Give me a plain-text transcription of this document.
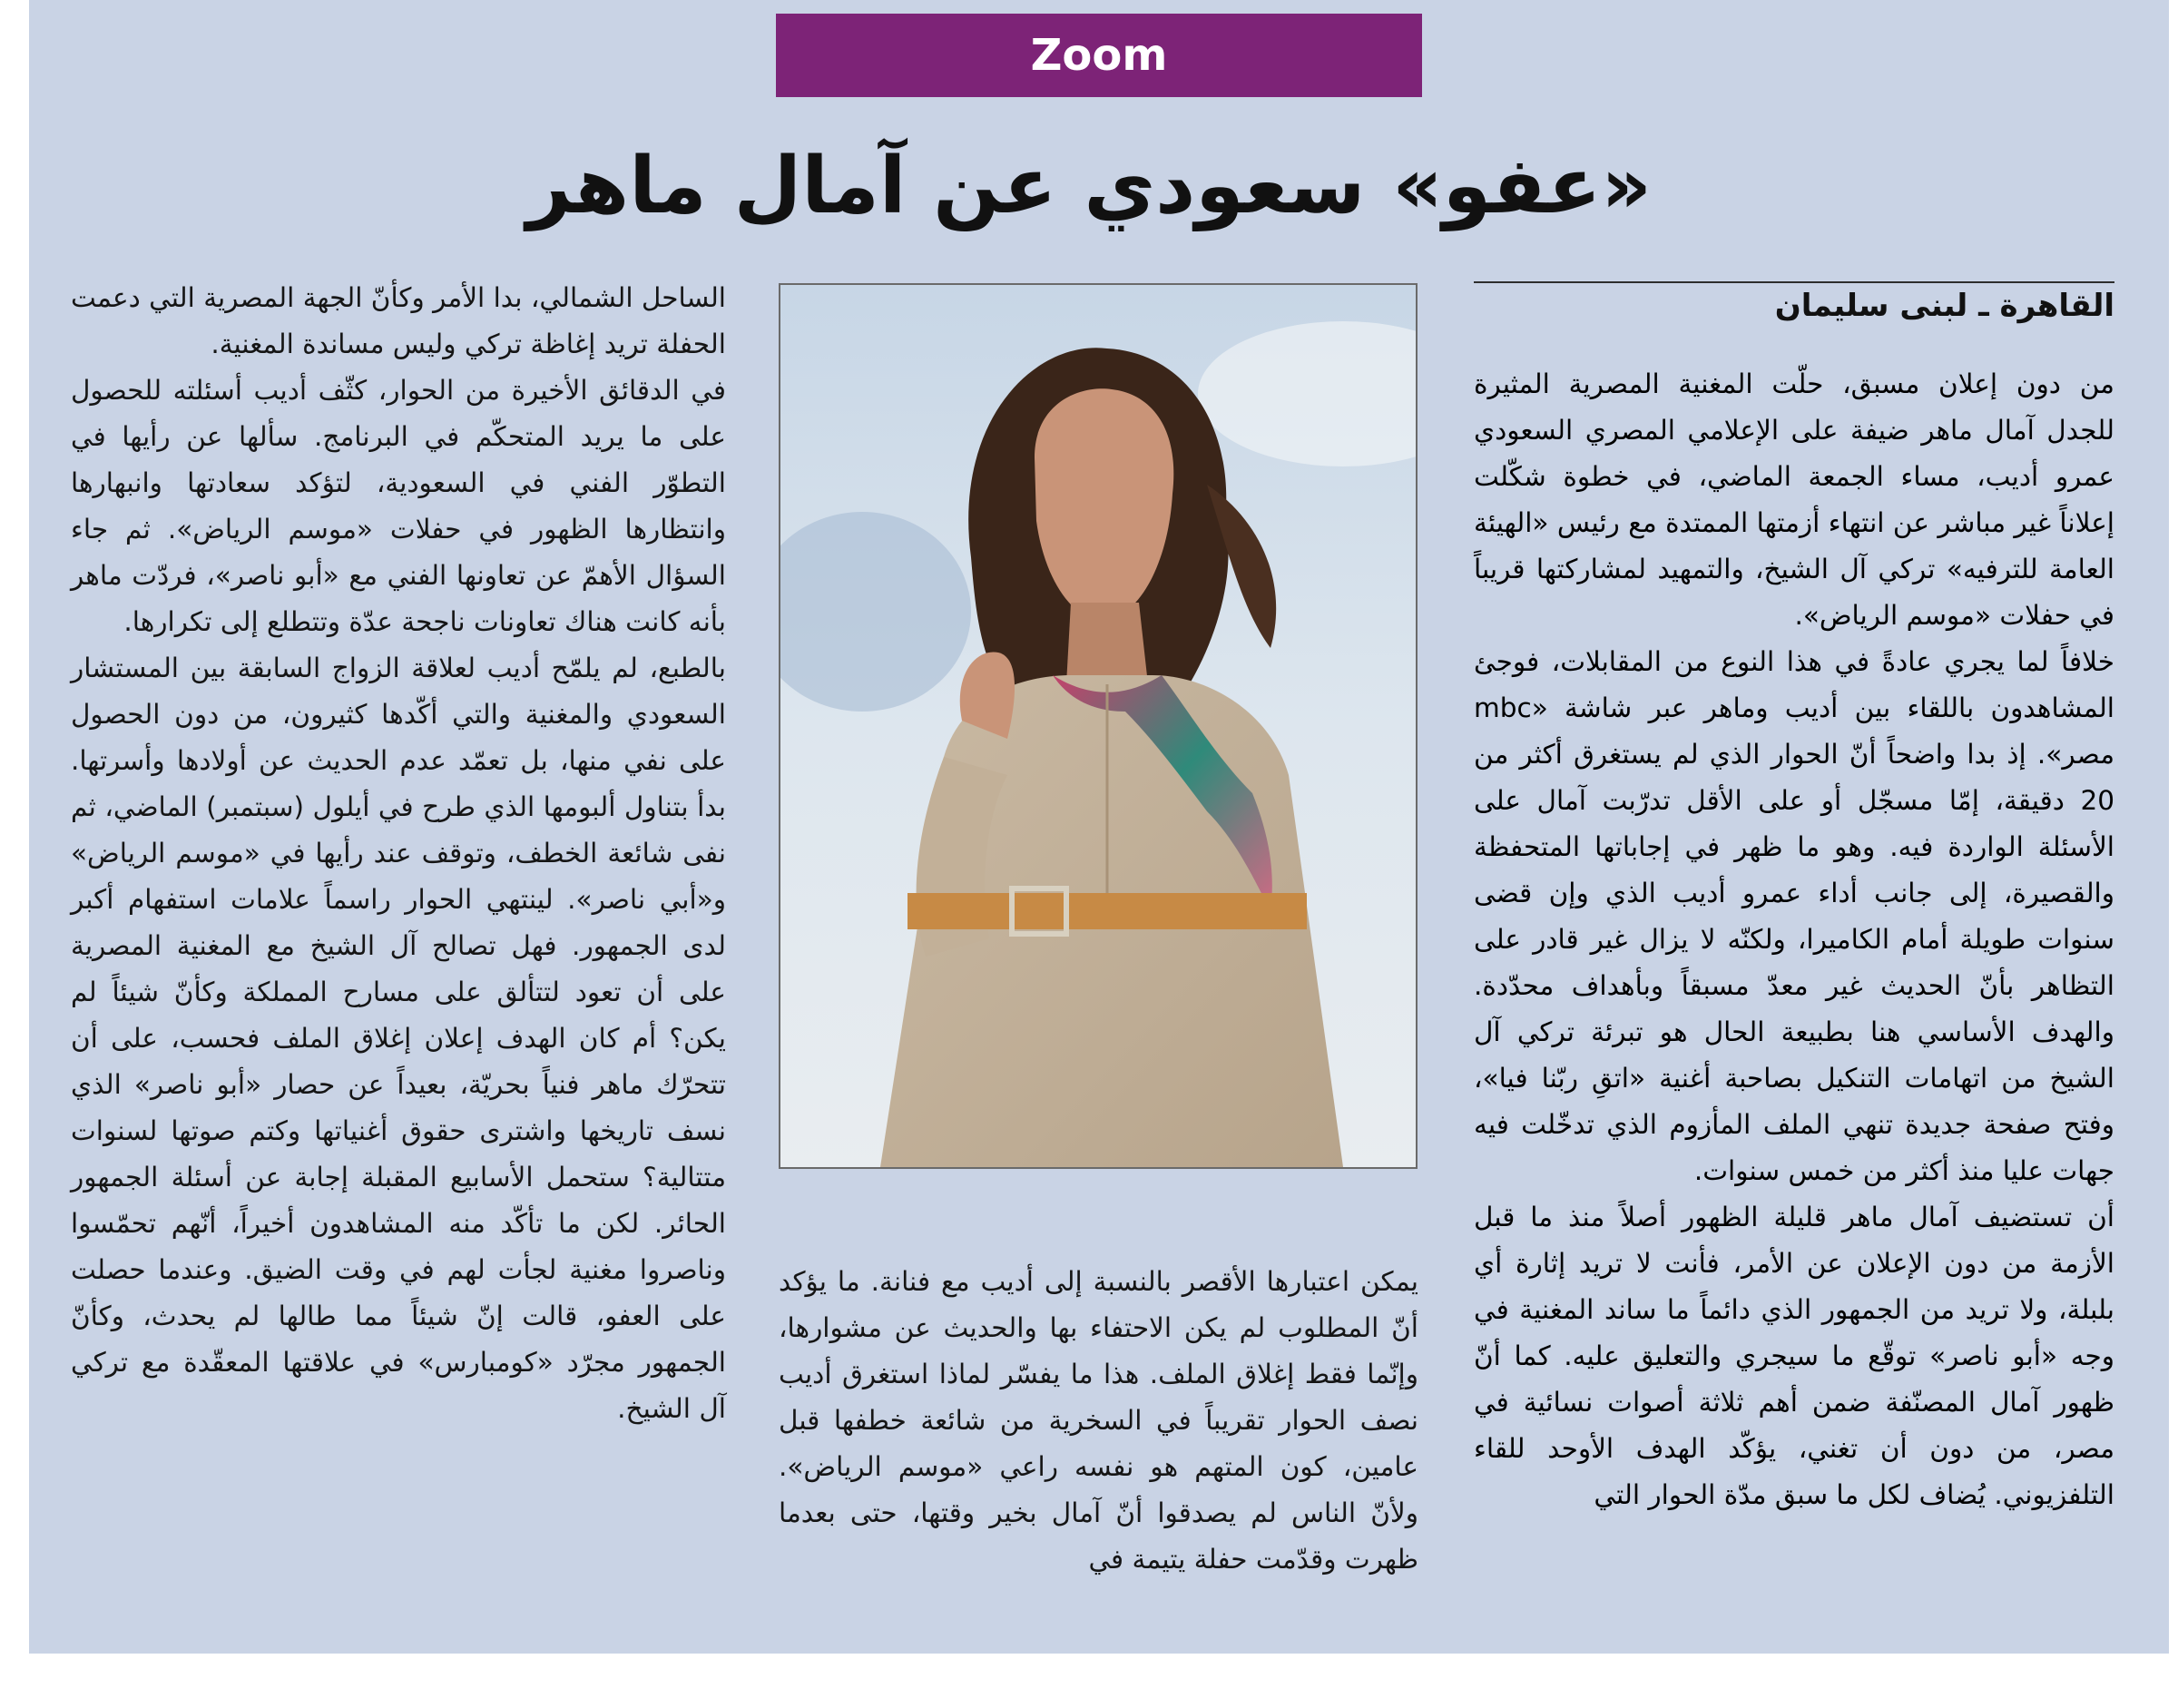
Zoom
«عفو» سعودي عن آمال ماهر
القاهرة ـ لبنى سليمان

من دون إعلان مسبق، حلّت المغنية المصرية المثيرة للجدل آمال ماهر ضيفة على الإعلامي المصري السعودي عمرو أديب، مساء الجمعة الماضي، في خطوة شكّلت إعلاناً غير مباشر عن انتهاء أزمتها الممتدة مع رئيس «الهيئة العامة للترفيه» تركي آل الشيخ، والتمهيد لمشاركتها قريباً في حفلات «موسم الرياض».

خلافاً لما يجري عادةً في هذا النوع من المقابلات، فوجئ المشاهدون باللقاء بين أديب وماهر عبر شاشة «mbc مصر». إذ بدا واضحاً أنّ الحوار الذي لم يستغرق أكثر من 20 دقيقة، إمّا مسجّل أو على الأقل تدرّبت آمال على الأسئلة الواردة فيه. وهو ما ظهر في إجاباتها المتحفظة والقصيرة، إلى جانب أداء عمرو أديب الذي وإن قضى سنوات طويلة أمام الكاميرا، ولكنّه لا يزال غير قادر على التظاهر بأنّ الحديث غير معدّ مسبقاً وبأهداف محدّدة. والهدف الأساسي هنا بطبيعة الحال هو تبرئة تركي آل الشيخ من اتهامات التنكيل بصاحبة أغنية «اتقِ ربّنا فيا»، وفتح صفحة جديدة تنهي الملف المأزوم الذي تدخّلت فيه جهات عليا منذ أكثر من خمس سنوات.

أن تستضيف آمال ماهر قليلة الظهور أصلاً منذ ما قبل الأزمة من دون الإعلان عن الأمر، فأنت لا تريد إثارة أي بلبلة، ولا تريد من الجمهور الذي دائماً ما ساند المغنية في وجه «أبو ناصر» توقّع ما سيجري والتعليق عليه. كما أنّ ظهور آمال المصنّفة ضمن أهم ثلاثة أصوات نسائية في مصر، من دون أن تغني، يؤكّد الهدف الأوحد للقاء التلفزيوني. يُضاف لكل ما سبق مدّة الحوار التي

يمكن اعتبارها الأقصر بالنسبة إلى أديب مع فنانة. ما يؤكد أنّ المطلوب لم يكن الاحتفاء بها والحديث عن مشوارها، وإنّما فقط إغلاق الملف. هذا ما يفسّر لماذا استغرق أديب نصف الحوار تقريباً في السخرية من شائعة خطفها قبل عامين، كون المتهم هو نفسه راعي «موسم الرياض». ولأنّ الناس لم يصدقوا أنّ آمال بخير وقتها، حتى بعدما ظهرت وقدّمت حفلة يتيمة في

الساحل الشمالي، بدا الأمر وكأنّ الجهة المصرية التي دعمت الحفلة تريد إغاظة تركي وليس مساندة المغنية.

في الدقائق الأخيرة من الحوار، كثّف أديب أسئلته للحصول على ما يريد المتحكّم في البرنامج. سألها عن رأيها في التطوّر الفني في السعودية، لتؤكد سعادتها وانبهارها وانتظارها الظهور في حفلات «موسم الرياض». ثم جاء السؤال الأهمّ عن تعاونها الفني مع «أبو ناصر»، فردّت ماهر بأنه كانت هناك تعاونات ناجحة عدّة وتتطلع إلى تكرارها.

بالطبع، لم يلمّح أديب لعلاقة الزواج السابقة بين المستشار السعودي والمغنية والتي أكّدها كثيرون، من دون الحصول على نفي منها، بل تعمّد عدم الحديث عن أولادها وأسرتها. بدأ بتناول ألبومها الذي طرح في أيلول (سبتمبر) الماضي، ثم نفى شائعة الخطف، وتوقف عند رأيها في «موسم الرياض» و«أبي ناصر». لينتهي الحوار راسماً علامات استفهام أكبر لدى الجمهور. فهل تصالح آل الشيخ مع المغنية المصرية على أن تعود لتتألق على مسارح المملكة وكأنّ شيئاً لم يكن؟ أم كان الهدف إعلان إغلاق الملف فحسب، على أن تتحرّك ماهر فنياً بحريّة، بعيداً عن حصار «أبو ناصر» الذي نسف تاريخها واشترى حقوق أغنياتها وكتم صوتها لسنوات متتالية؟ ستحمل الأسابيع المقبلة إجابة عن أسئلة الجمهور الحائر. لكن ما تأكّد منه المشاهدون أخيراً، أنّهم تحمّسوا وناصروا مغنية لجأت لهم في وقت الضيق. وعندما حصلت على العفو، قالت إنّ شيئاً مما طالها لم يحدث، وكأنّ الجمهور مجرّد «كومبارس» في علاقتها المعقّدة مع تركي آل الشيخ.
